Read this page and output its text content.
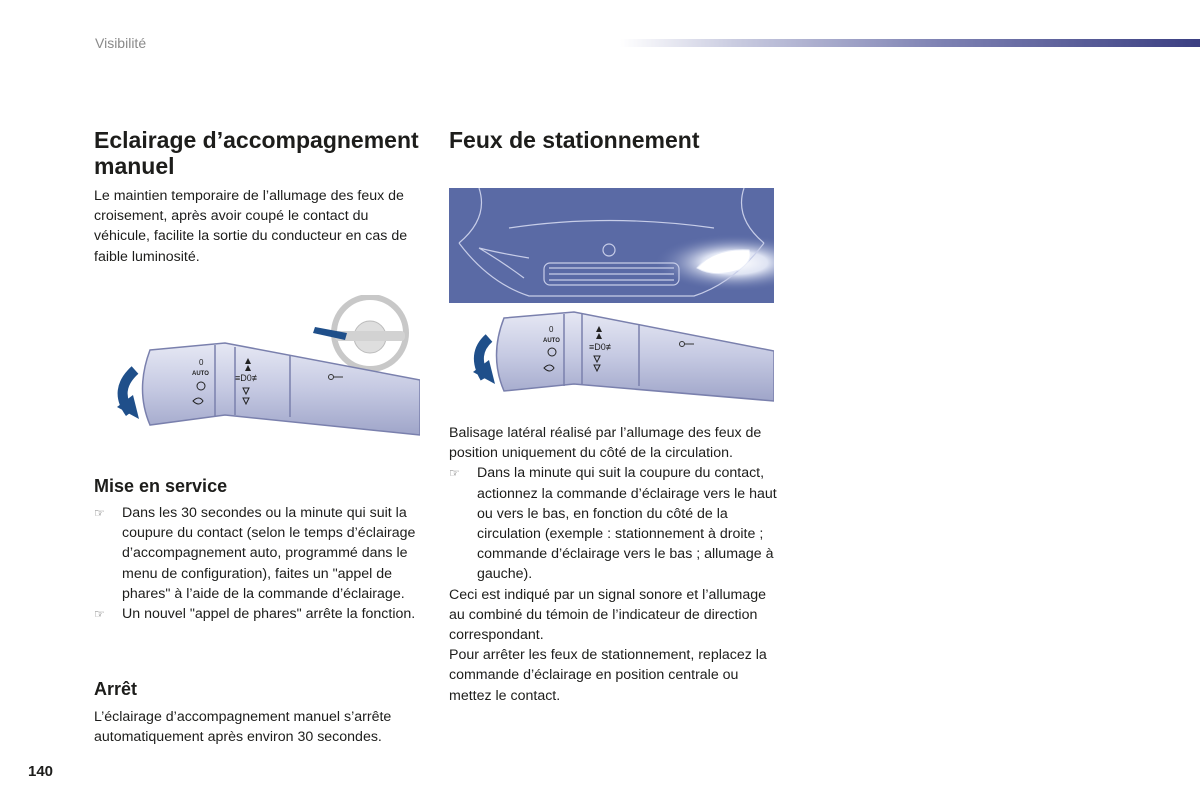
Visibilité
Eclairage d’accompagnement manuel
Le maintien temporaire de l’allumage des feux de croisement, après avoir coupé le contact du véhicule, facilite la sortie du conducteur en cas de faible luminosité.
0
AUTO	≡D0≢
Mise en service
☞ Dans les 30 secondes ou la minute qui suit la coupure du contact (selon le temps d’éclairage d’accompagnement auto, programmé dans le menu de configuration), faites un "appel de phares" à l’aide de la commande d’éclairage.
☞ Un nouvel "appel de phares" arrête la fonction.
Arrêt
L’éclairage d’accompagnement manuel s’arrête automatiquement après environ 30 secondes.
Feux de stationnement
0
AUTO
≡D0≢

Balisage latéral réalisé par l’allumage des feux de position uniquement du côté de la circulation.

☞ Dans la minute qui suit la coupure du contact, actionnez la commande d’éclairage vers le haut ou vers le bas, en fonction du côté de la circulation (exemple : stationnement à droite ; commande d’éclairage vers le bas ; allumage à gauche).

Ceci est indiqué par un signal sonore et l’allumage au combiné du témoin de l’indicateur de direction correspondant.

Pour arrêter les feux de stationnement, replacez la commande d’éclairage en position centrale ou mettez le contact.

140
